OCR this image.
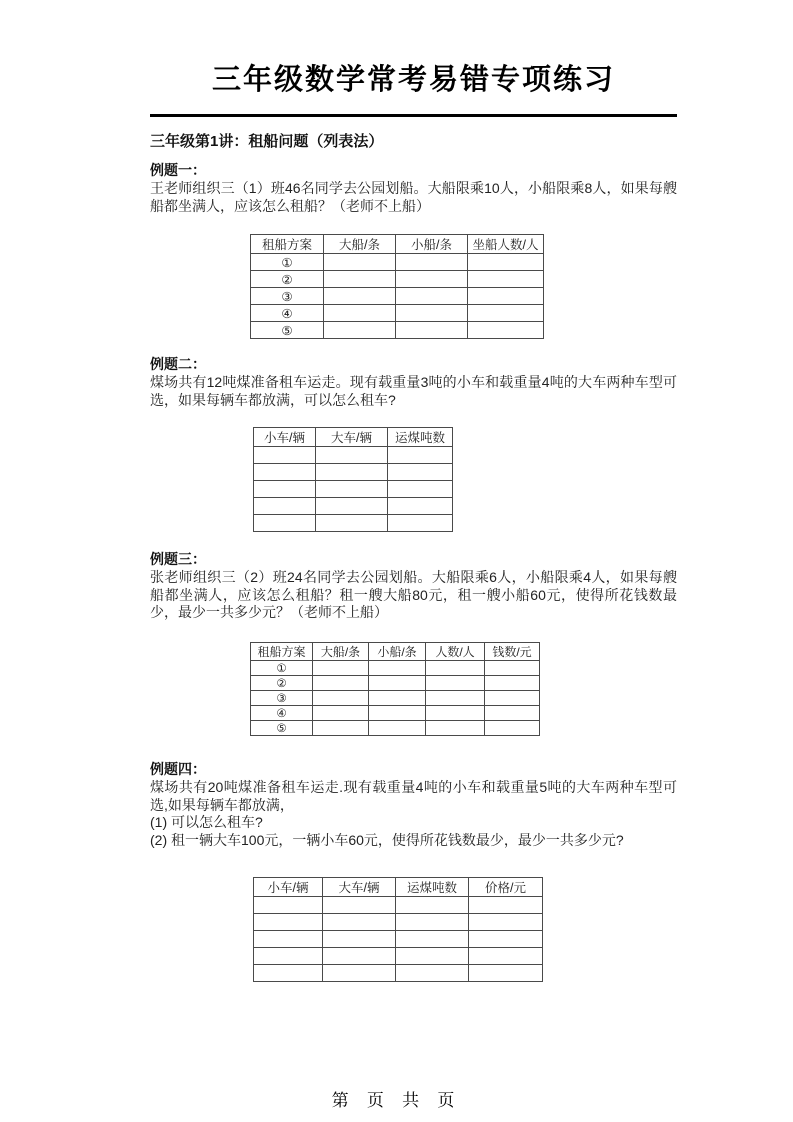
三年级数学常考易错专项练习
三年级第1讲：租船问题（列表法）
例题一：
王老师组织三（1）班46名同学去公园划船。大船限乘10人，小船限乘8人，如果每艘船都坐满人，应该怎么租船？（老师不上船）
租船方案	大船/条	小船/条	坐船人数/人
①			
②			
③			
④			
⑤			
例题二：
煤场共有12吨煤准备租车运走。现有载重量3吨的小车和载重量4吨的大车两种车型可选，如果每辆车都放满，可以怎么租车?
小车/辆	大车/辆	运煤吨数

例题三：
张老师组织三（2）班24名同学去公园划船。大船限乘6人，小船限乘4人，如果每艘船都坐满人，应该怎么租船？租一艘大船80元，租一艘小船60元，使得所花钱数最少，最少一共多少元？（老师不上船）
租船方案	大船/条	小船/条	人数/人	钱数/元
①				
②				
③				
④				
⑤				
例题四：
煤场共有20吨煤准备租车运走.现有载重量4吨的小车和载重量5吨的大车两种车型可选,如果每辆车都放满，
(1) 可以怎么租车?
(2) 租一辆大车100元，一辆小车60元，使得所花钱数最少，最少一共多少元?
小车/辆	大车/辆	运煤吨数	价格/元

第 页 共 页
